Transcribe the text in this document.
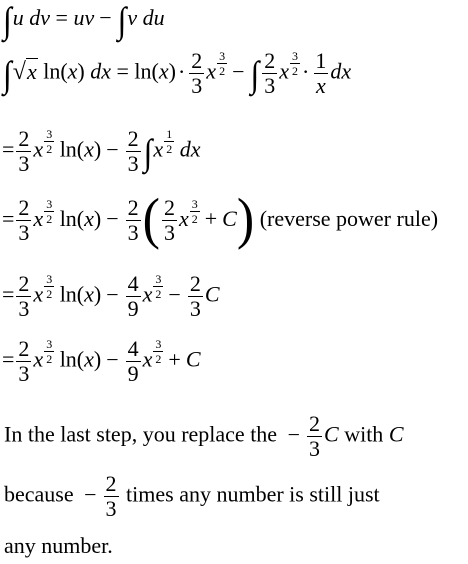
∫u dv = uv − ∫v du
∫√x ln(x) dx = $\ln(x)\cdot \frac{2}{3}$ x $\frac{3}{2}$ − ∫ $\frac{2}{3}$ x $\frac{3}{2} \cdot \frac{1}{x}$ dx
= $\frac{2}{3}$ x $\frac{3}{2} \ln(x) - \frac{2}{3} \int x \frac{1}{2}$ dx
= $\frac{2}{3}$ x $\frac{3}{2} \ln(x) - \frac{2}{3}$ ( $\frac{2}{3}$ x $\frac{3}{2} + C$) (reverse power rule)
= $\frac{2}{3}$ x $\frac{3}{2} \ln(x) - \frac{4}{9}$ x $\frac{3}{2} - \frac{2}{3}$ C
= $\frac{2}{3}$ x $\frac{3}{2} \ln(x) - \frac{4}{9}$ x $\frac{3}{2} + C$
In the last step, you replace the − $\frac{2}{3}$ C with C
because − $\frac{2}{3}$ times any number is still just
any number.
